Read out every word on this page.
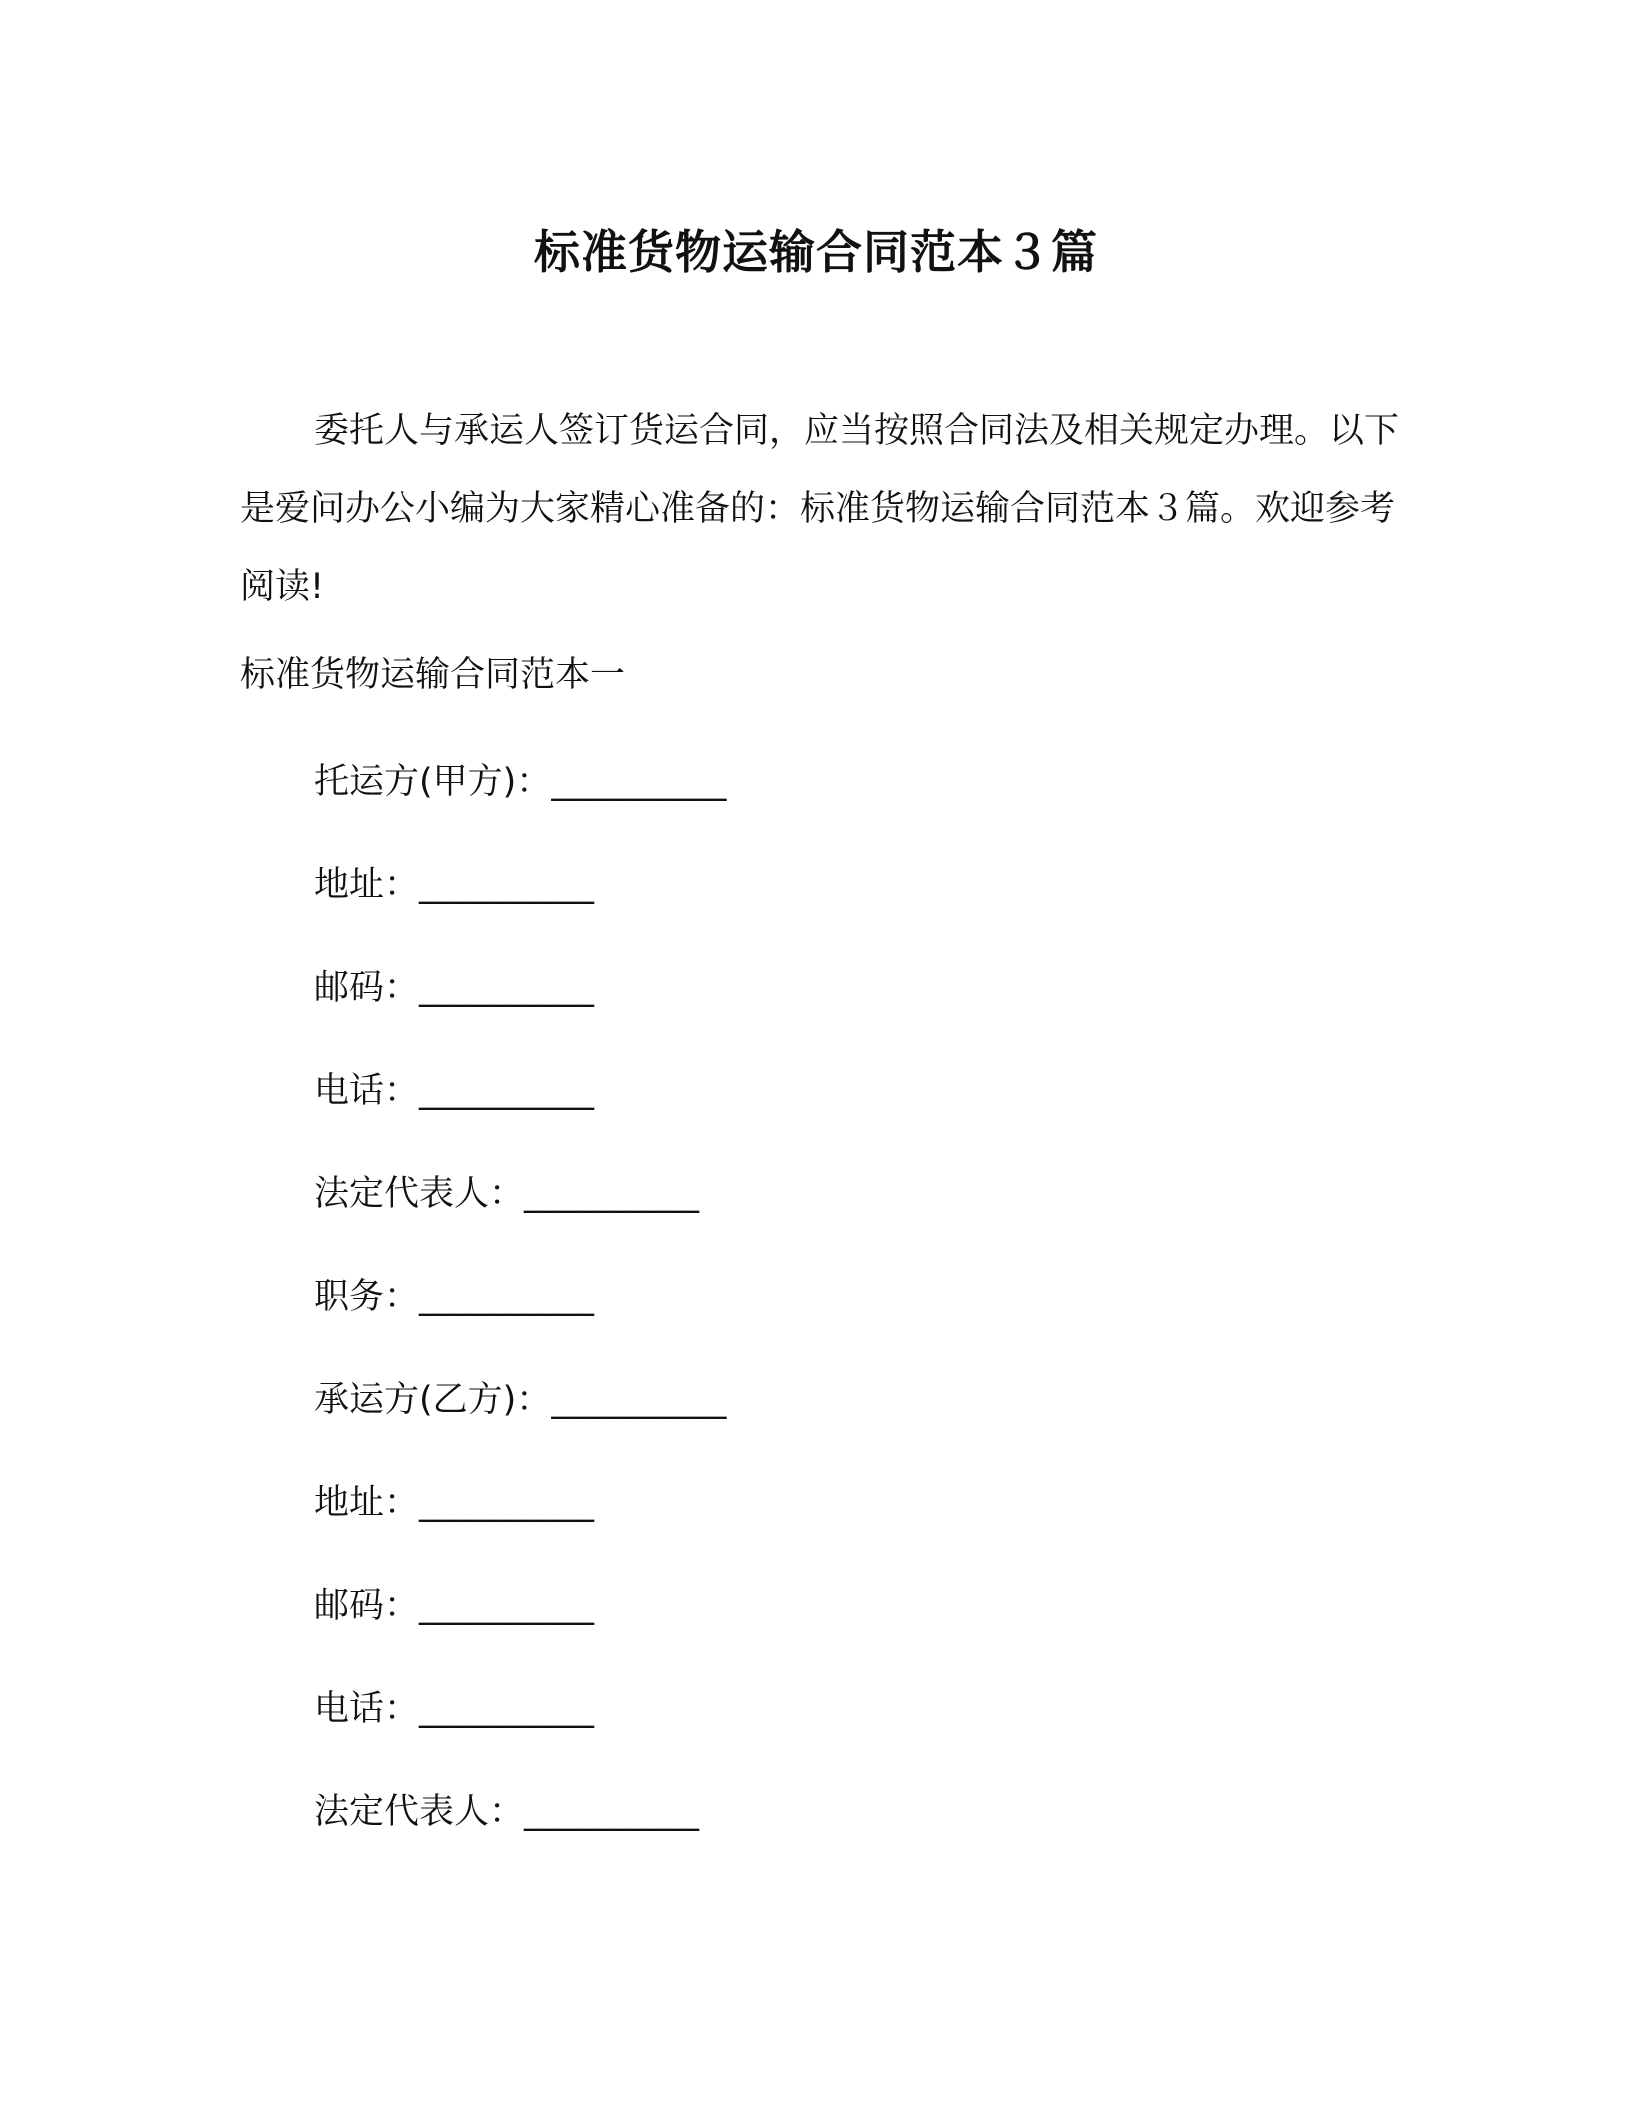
标准货物运输合同范本３篇

委托人与承运人签订货运合同，应当按照合同法及相关规定办理。以下是爱问办公小编为大家精心准备的：标准货物运输合同范本３篇。欢迎参考阅读!

标准货物运输合同范本一

托运方(甲方)：__________

地址：__________

邮码：__________

电话：__________

法定代表人：__________

职务：__________

承运方(乙方)：__________

地址：__________

邮码：__________

电话：__________

法定代表人：__________
